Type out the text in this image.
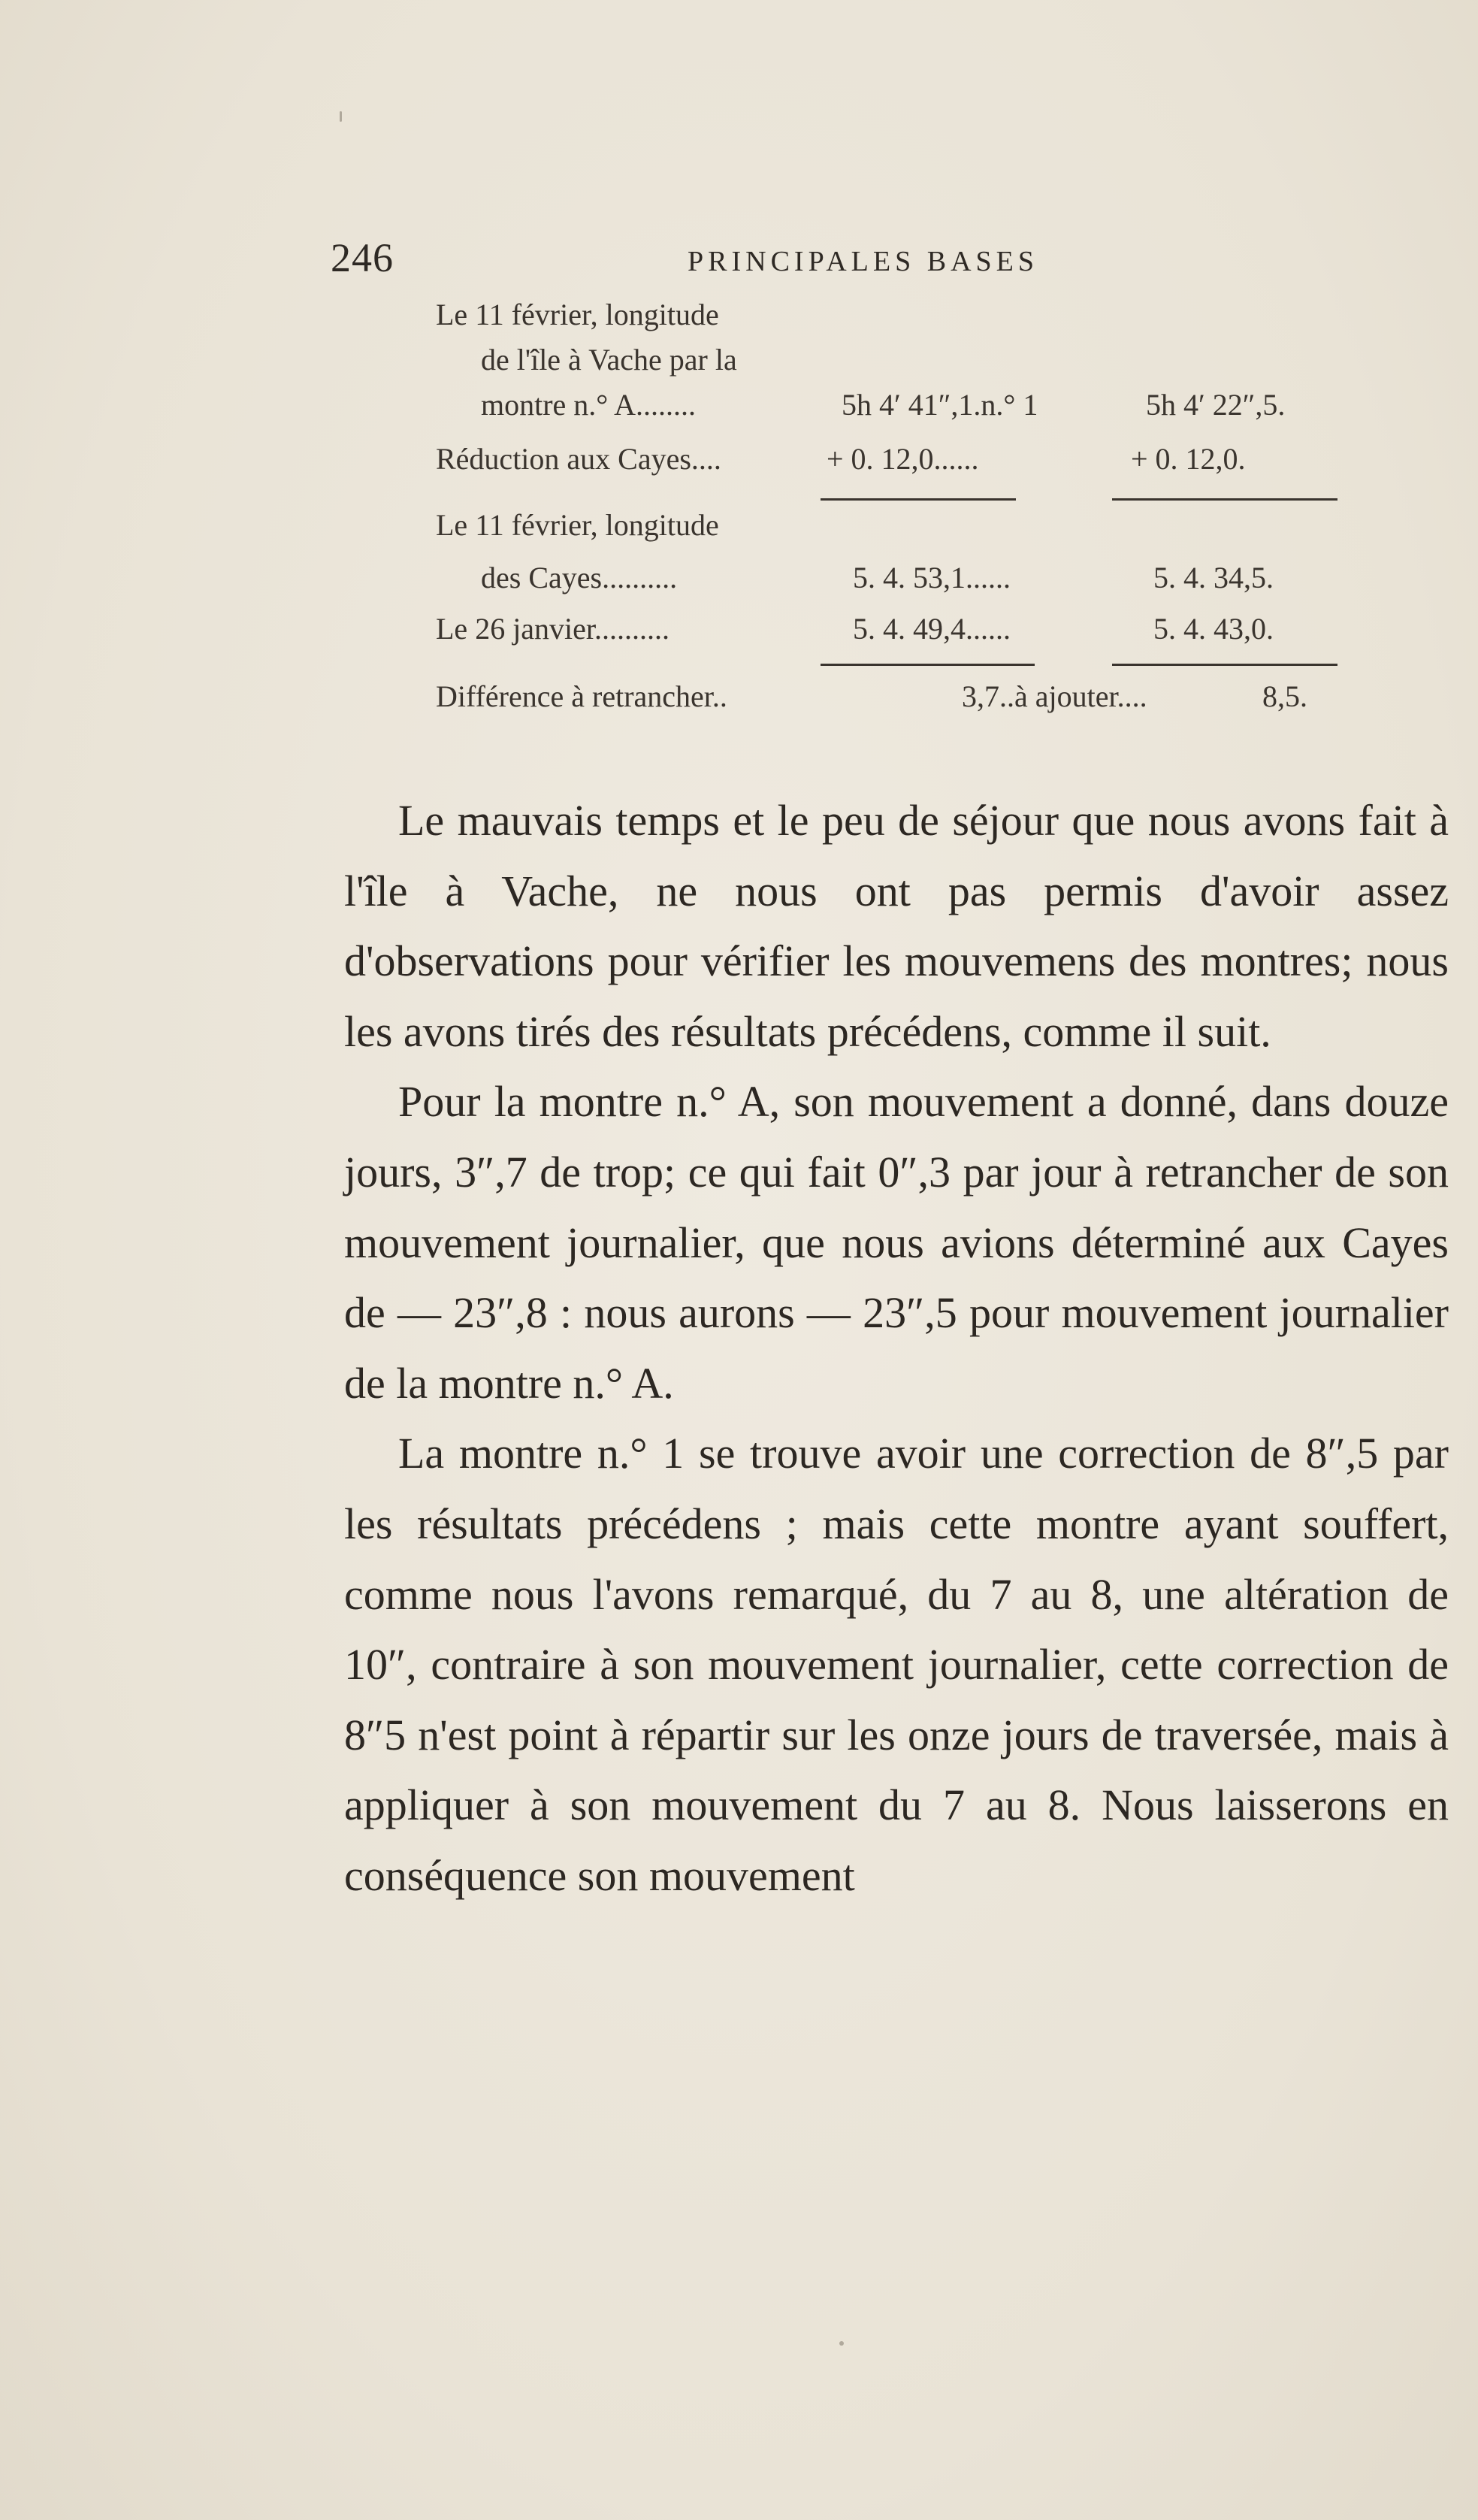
246	PRINCIPALES BASES
Le 11 février, longitude
de l'île à Vache par la
montre n.° A........	5h 4′ 41″,1.n.° 1	5h 4′ 22″,5.
Réduction aux Cayes....	+ 0. 12,0......	+ 0. 12,0.
Le 11 février, longitude
des Cayes..........	5. 4. 53,1......	5. 4. 34,5.
Le 26 janvier..........	5. 4. 49,4......	5. 4. 43,0.
Différence à retrancher..	3,7..à ajouter....	8,5.

Le mauvais temps et le peu de séjour que nous avons fait à l'île à Vache, ne nous ont pas permis d'avoir assez d'observations pour vérifier les mouvemens des montres; nous les avons tirés des résultats précédens, comme il suit.

Pour la montre n.° A, son mouvement a donné, dans douze jours, 3″,7 de trop; ce qui fait 0″,3 par jour à retrancher de son mouvement journalier, que nous avions déterminé aux Cayes de — 23″,8 : nous aurons — 23″,5 pour mouvement journalier de la montre n.° A.

La montre n.° 1 se trouve avoir une correction de 8″,5 par les résultats précédens ; mais cette montre ayant souffert, comme nous l'avons remarqué, du 7 au 8, une altération de 10″, contraire à son mouvement journalier, cette correction de 8″5 n'est point à répartir sur les onze jours de traversée, mais à appliquer à son mouvement du 7 au 8. Nous laisserons en conséquence son mouvement
